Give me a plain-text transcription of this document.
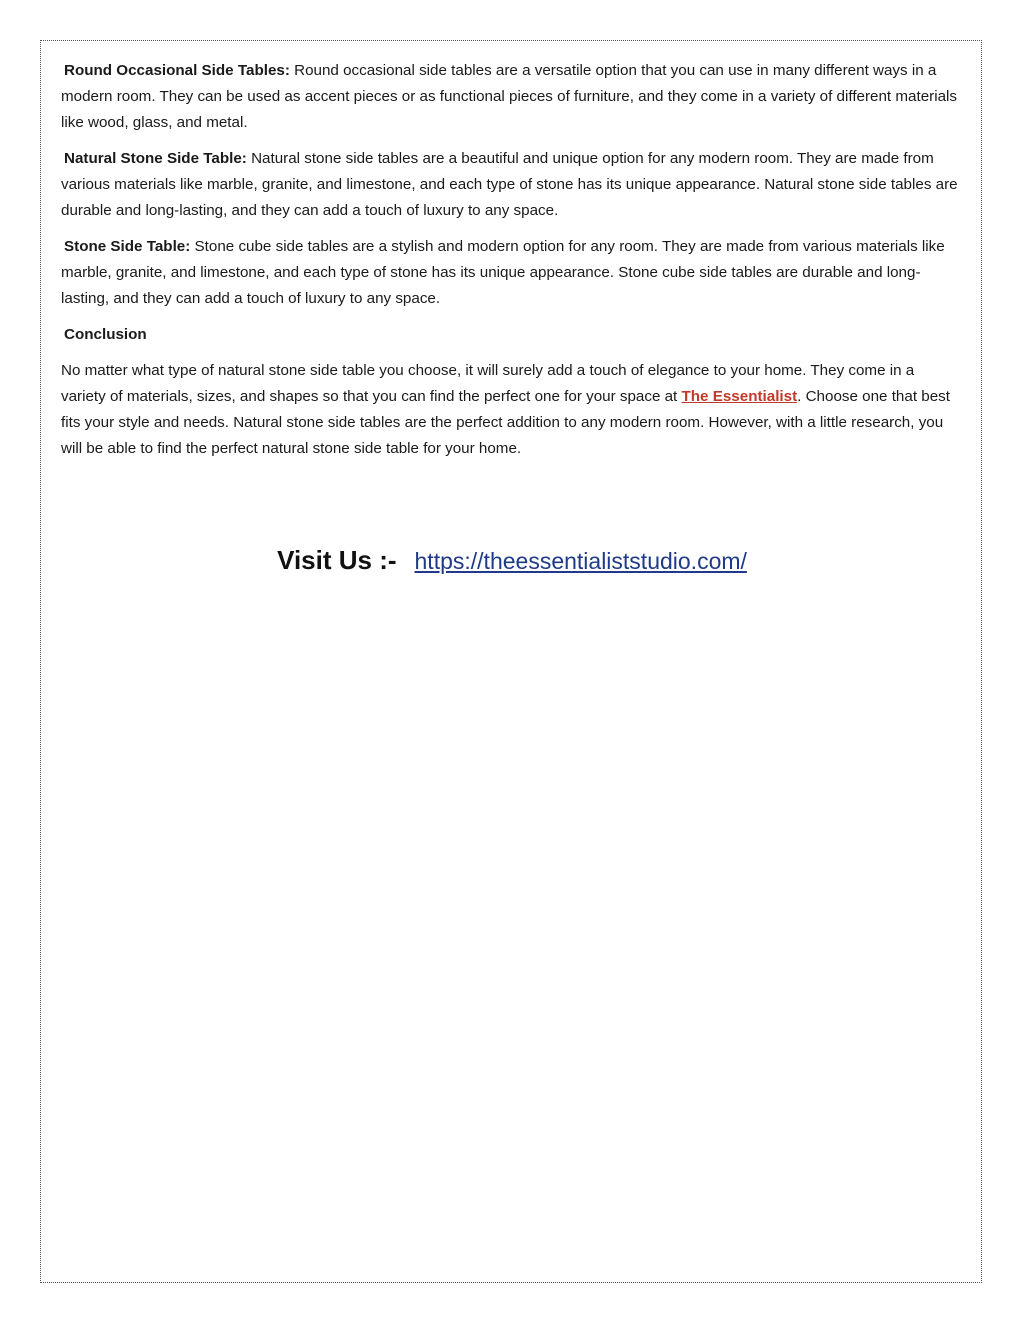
Round Occasional Side Tables: Round occasional side tables are a versatile option that you can use in many different ways in a modern room. They can be used as accent pieces or as functional pieces of furniture, and they come in a variety of different materials like wood, glass, and metal.

Natural Stone Side Table: Natural stone side tables are a beautiful and unique option for any modern room. They are made from various materials like marble, granite, and limestone, and each type of stone has its unique appearance. Natural stone side tables are durable and long-lasting, and they can add a touch of luxury to any space.

Stone Side Table: Stone cube side tables are a stylish and modern option for any room. They are made from various materials like marble, granite, and limestone, and each type of stone has its unique appearance. Stone cube side tables are durable and long-lasting, and they can add a touch of luxury to any space.

Conclusion

No matter what type of natural stone side table you choose, it will surely add a touch of elegance to your home. They come in a variety of materials, sizes, and shapes so that you can find the perfect one for your space at The Essentialist. Choose one that best fits your style and needs. Natural stone side tables are the perfect addition to any modern room. However, with a little research, you will be able to find the perfect natural stone side table for your home.

Visit Us :- https://theessentialiststudio.com/
